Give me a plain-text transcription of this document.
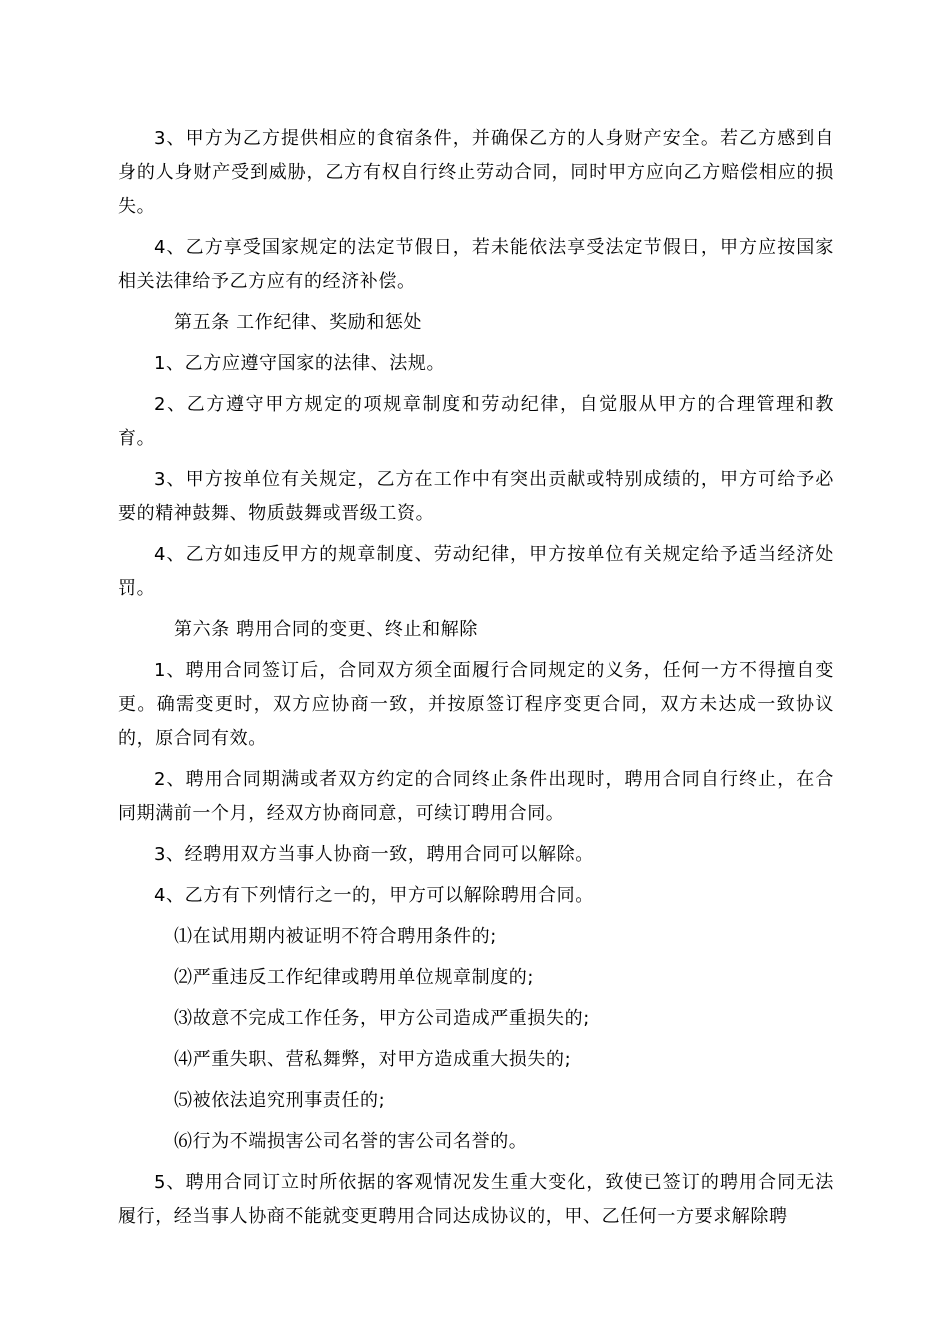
3、甲方为乙方提供相应的食宿条件，并确保乙方的人身财产安全。若乙方感到自身的人身财产受到威胁，乙方有权自行终止劳动合同，同时甲方应向乙方赔偿相应的损失。

4、乙方享受国家规定的法定节假日，若未能依法享受法定节假日，甲方应按国家相关法律给予乙方应有的经济补偿。

第五条 工作纪律、奖励和惩处

1、乙方应遵守国家的法律、法规。

2、乙方遵守甲方规定的项规章制度和劳动纪律，自觉服从甲方的合理管理和教育。

3、甲方按单位有关规定，乙方在工作中有突出贡献或特别成绩的，甲方可给予必要的精神鼓舞、物质鼓舞或晋级工资。

4、乙方如违反甲方的规章制度、劳动纪律，甲方按单位有关规定给予适当经济处罚。

第六条 聘用合同的变更、终止和解除

1、聘用合同签订后，合同双方须全面履行合同规定的义务，任何一方不得擅自变更。确需变更时，双方应协商一致，并按原签订程序变更合同，双方未达成一致协议的，原合同有效。

2、聘用合同期满或者双方约定的合同终止条件出现时，聘用合同自行终止，在合同期满前一个月，经双方协商同意，可续订聘用合同。

3、经聘用双方当事人协商一致，聘用合同可以解除。

4、乙方有下列情行之一的，甲方可以解除聘用合同。

⑴在试用期内被证明不符合聘用条件的;

⑵严重违反工作纪律或聘用单位规章制度的;

⑶故意不完成工作任务，甲方公司造成严重损失的;

⑷严重失职、营私舞弊，对甲方造成重大损失的;

⑸被依法追究刑事责任的;

⑹行为不端损害公司名誉的害公司名誉的。

5、聘用合同订立时所依据的客观情况发生重大变化，致使已签订的聘用合同无法履行，经当事人协商不能就变更聘用合同达成协议的，甲、乙任何一方要求解除聘
